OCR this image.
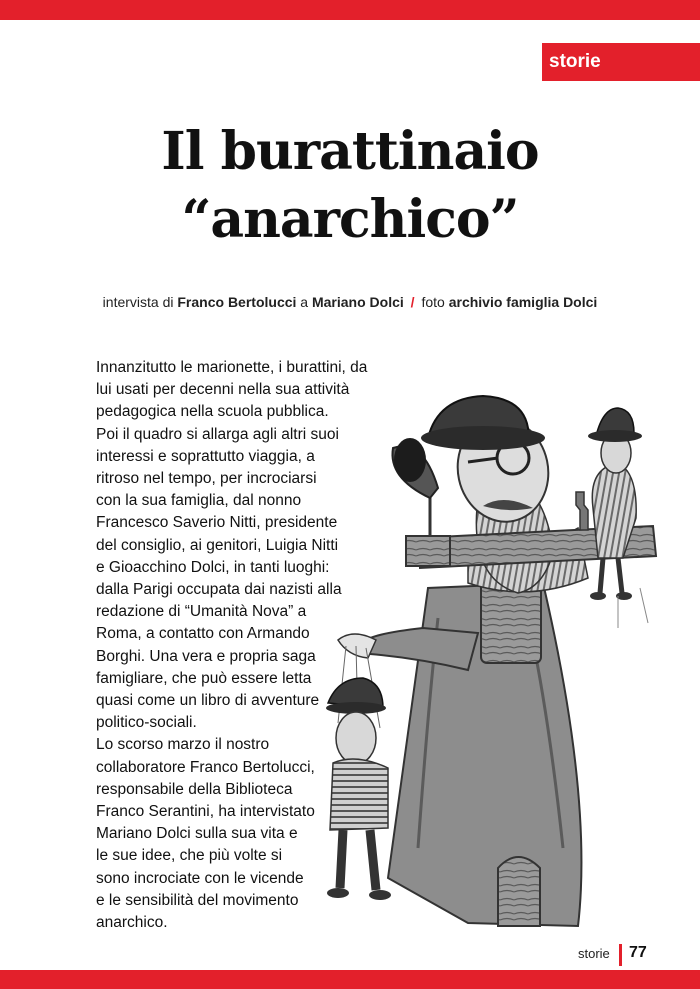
storie
Il burattinaio
“anarchico”
intervista di Franco Bertolucci a Mariano Dolci / foto archivio famiglia Dolci

Innanzitutto le marionette, i burattini, da

lui usati per decenni nella sua attività

pedagogica nella scuola pubblica.

Poi il quadro si allarga agli altri suoi

interessi e soprattutto viaggia, a

ritroso nel tempo, per incrociarsi

con la sua famiglia, dal nonno

Francesco Saverio Nitti, presidente

del consiglio, ai genitori, Luigia Nitti

e Gioacchino Dolci, in tanti luoghi:

dalla Parigi occupata dai nazisti alla

redazione di “Umanità Nova” a

Roma, a contatto con Armando

Borghi. Una vera e propria saga

famigliare, che può essere letta

quasi come un libro di avventure

politico-sociali.

Lo scorso marzo il nostro

collaboratore Franco Bertolucci,

responsabile della Biblioteca

Franco Serantini, ha intervistato

Mariano Dolci sulla sua vita e

le sue idee, che più volte si

sono incrociate con le vicende

e le sensibilità del movimento

anarchico.

storie 77
